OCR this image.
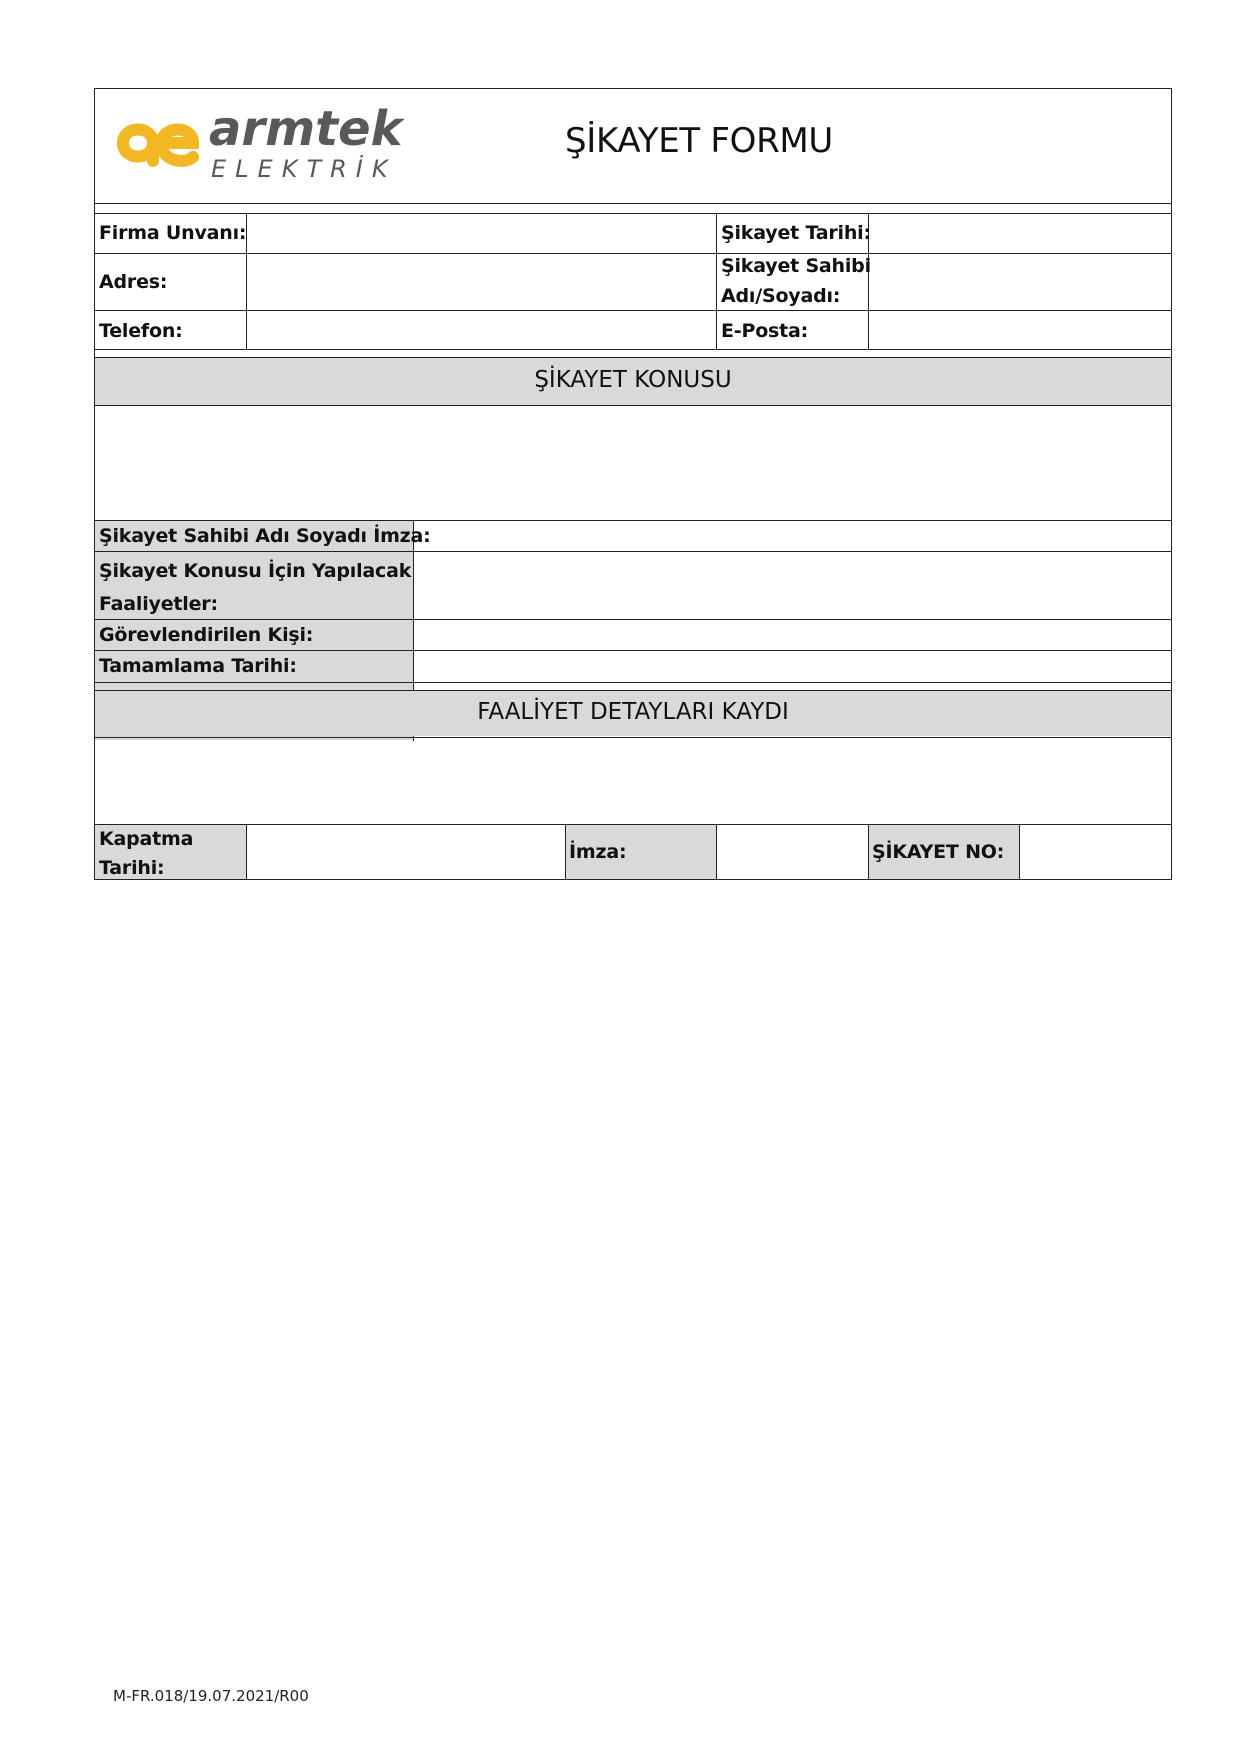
armtek
ELEKTRİK
ŞİKAYET FORMU
Firma Unvanı:
Adres:
Telefon:
Şikayet Tarihi:
Şikayet Sahibi
Adı/Soyadı:
E-Posta:
ŞİKAYET KONUSU
Şikayet Sahibi Adı Soyadı İmza:
Şikayet Konusu İçin Yapılacak
Faaliyetler:
Görevlendirilen Kişi:
Tamamlama Tarihi:
FAALİYET DETAYLARI KAYDI
Kapatma
Tarihi:
İmza:	ŞİKAYET NO:
M-FR.018/19.07.2021/R00
